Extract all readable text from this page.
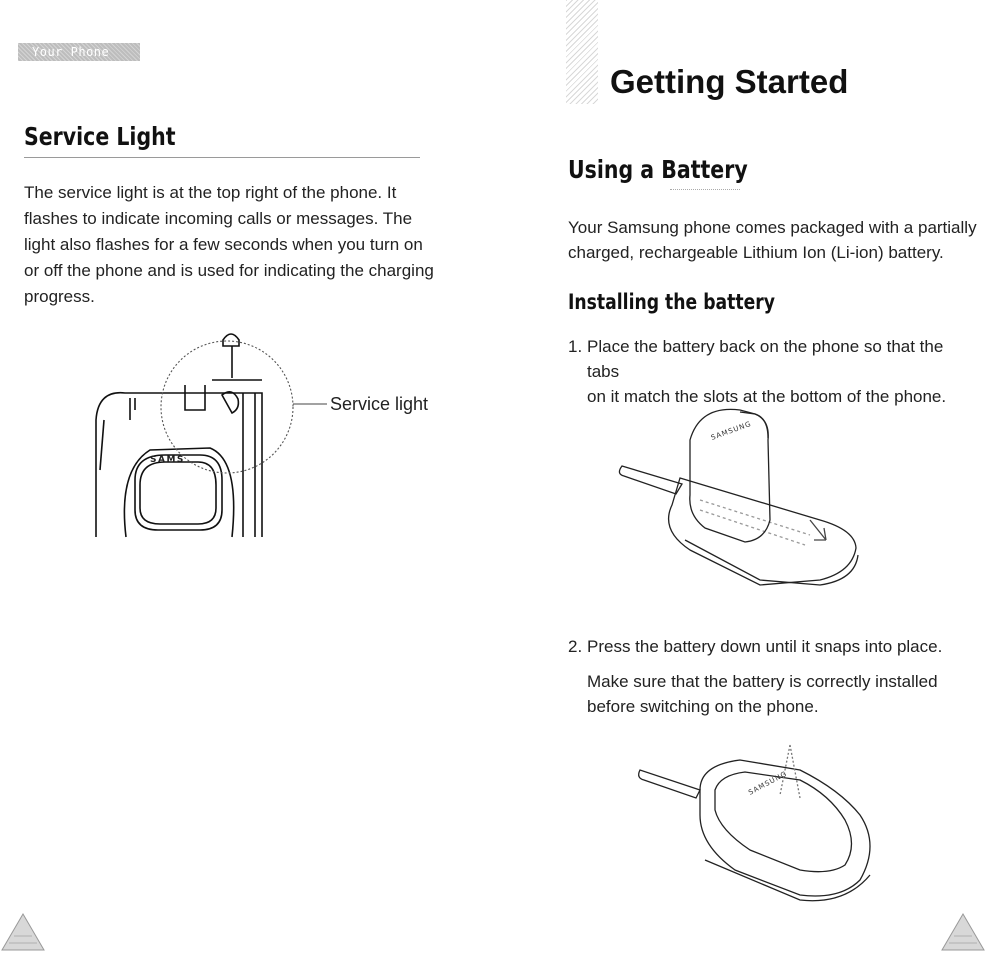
Your Phone
Service Light
The service light is at the top right of the phone. It
flashes to indicate incoming calls or messages. The
light also flashes for a few seconds when you turn on
or off the phone and is used for indicating the charging
progress.
SAMS
Service light
Getting Started
Using a Battery
Your Samsung phone comes packaged with a partially
charged, rechargeable Lithium Ion (Li-ion) battery.
Installing the battery
1. Place the battery back on the phone so that the tabs
on it match the slots at the bottom of the phone.
SAMSUNG
2. Press the battery down until it snaps into place.
Make sure that the battery is correctly installed
before switching on the phone.
SAMSUNG
